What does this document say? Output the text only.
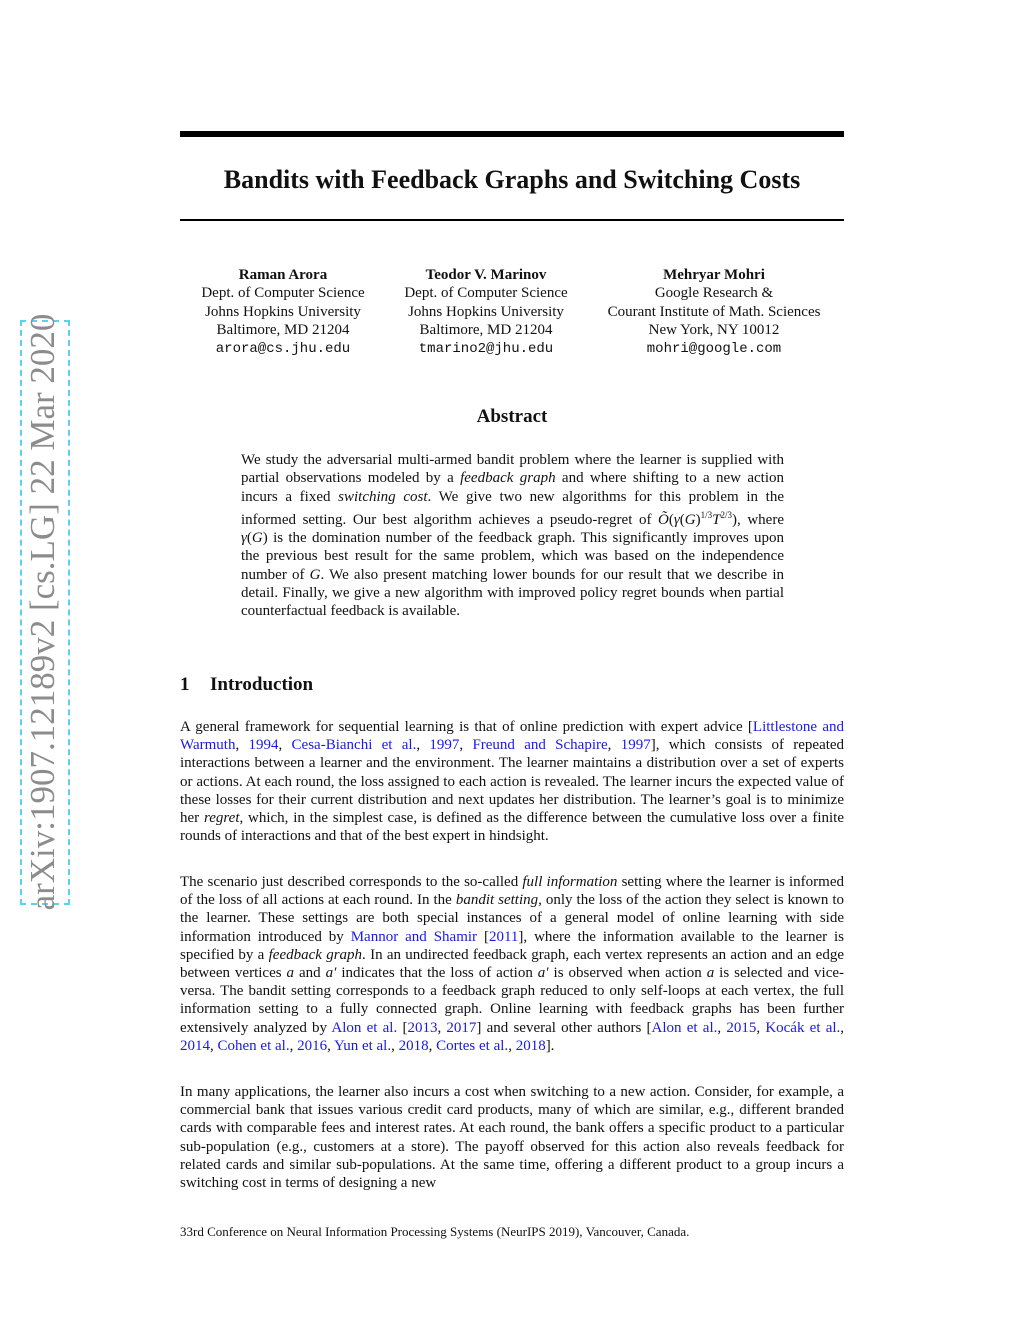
Bandits with Feedback Graphs and Switching Costs
Raman Arora
Dept. of Computer Science
Johns Hopkins University
Baltimore, MD 21204
arora@cs.jhu.edu
Teodor V. Marinov
Dept. of Computer Science
Johns Hopkins University
Baltimore, MD 21204
tmarino2@jhu.edu
Mehryar Mohri
Google Research &
Courant Institute of Math. Sciences
New York, NY 10012
mohri@google.com
arXiv:1907.12189v2 [cs.LG] 22 Mar 2020	Abstract
We study the adversarial multi-armed bandit problem where the learner is supplied with partial observations modeled by a feedback graph and where shifting to a new action incurs a fixed switching cost. We give two new algorithms for this problem in the informed setting. Our best algorithm achieves a pseudo-regret of $Õ(\gamma(G)^{1/3}T^{2/3})$, where γ(G) is the domination number of the feedback graph. This significantly improves upon the previous best result for the same problem, which was based on the independence number of G. We also present matching lower bounds for our result that we describe in detail. Finally, we give a new algorithm with improved policy regret bounds when partial counterfactual feedback is available.
1 Introduction
A general framework for sequential learning is that of online prediction with expert advice [Littlestone and Warmuth, 1994, Cesa-Bianchi et al., 1997, Freund and Schapire, 1997], which consists of repeated interactions between a learner and the environment. The learner maintains a distribution over a set of experts or actions. At each round, the loss assigned to each action is revealed. The learner incurs the expected value of these losses for their current distribution and next updates her distribution. The learner’s goal is to minimize her regret, which, in the simplest case, is defined as the difference between the cumulative loss over a finite rounds of interactions and that of the best expert in hindsight.
The scenario just described corresponds to the so-called full information setting where the learner is informed of the loss of all actions at each round. In the bandit setting, only the loss of the action they select is known to the learner. These settings are both special instances of a general model of online learning with side information introduced by Mannor and Shamir [2011], where the information available to the learner is specified by a feedback graph. In an undirected feedback graph, each vertex represents an action and an edge between vertices a and a′ indicates that the loss of action a′ is observed when action a is selected and vice-versa. The bandit setting corresponds to a feedback graph reduced to only self-loops at each vertex, the full information setting to a fully connected graph. Online learning with feedback graphs has been further extensively analyzed by Alon et al. [2013, 2017] and several other authors [Alon et al., 2015, Kocák et al., 2014, Cohen et al., 2016, Yun et al., 2018, Cortes et al., 2018].
In many applications, the learner also incurs a cost when switching to a new action. Consider, for example, a commercial bank that issues various credit card products, many of which are similar, e.g., different branded cards with comparable fees and interest rates. At each round, the bank offers a specific product to a particular sub-population (e.g., customers at a store). The payoff observed for this action also reveals feedback for related cards and similar sub-populations. At the same time, offering a different product to a group incurs a switching cost in terms of designing a new
33rd Conference on Neural Information Processing Systems (NeurIPS 2019), Vancouver, Canada.
